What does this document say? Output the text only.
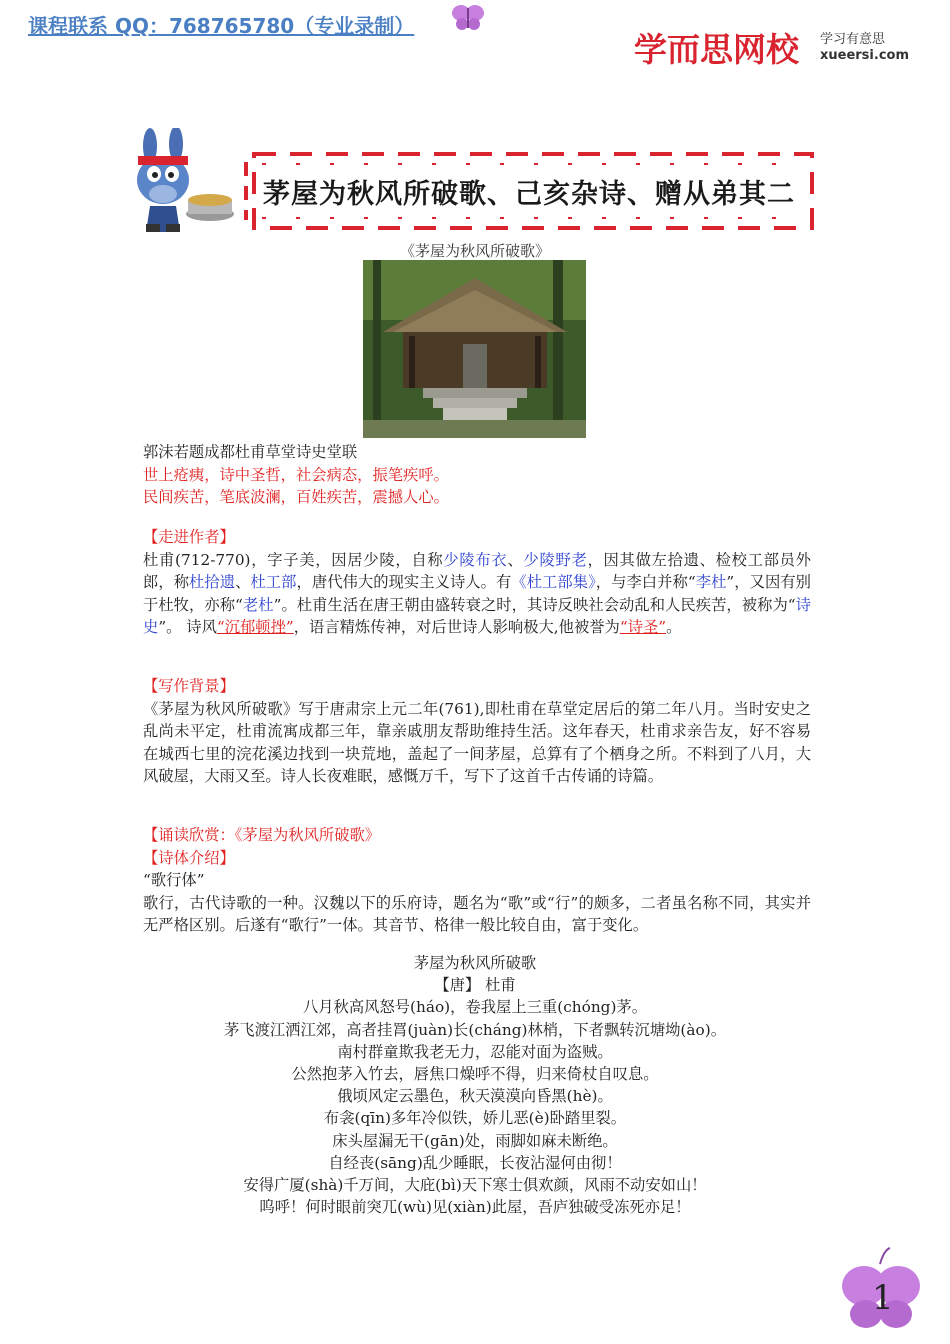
课程联系 QQ：768765780（专业录制）
学而思网校 学习有意思
xueersi.com
茅屋为秋风所破歌、己亥杂诗、赠从弟其二
《茅屋为秋风所破歌》

郭沫若题成都杜甫草堂诗史堂联

世上疮痍，诗中圣哲，社会病态，振笔疾呼。

民间疾苦，笔底波澜，百姓疾苦，震撼人心。

【走进作者】

杜甫(712-770)，字子美，因居少陵，自称少陵布衣、少陵野老，因其做左拾遗、检校工部员外郎，称杜拾遗、杜工部，唐代伟大的现实主义诗人。有《杜工部集》，与李白并称“李杜”，又因有别于杜牧，亦称“老杜”。杜甫生活在唐王朝由盛转衰之时，其诗反映社会动乱和人民疾苦，被称为“诗史”。 诗风“沉郁顿挫”，语言精炼传神，对后世诗人影响极大,他被誉为“诗圣”。

【写作背景】

《茅屋为秋风所破歌》写于唐肃宗上元二年(761),即杜甫在草堂定居后的第二年八月。当时安史之乱尚未平定，杜甫流寓成都三年，靠亲戚朋友帮助维持生活。这年春天，杜甫求亲告友，好不容易在城西七里的浣花溪边找到一块荒地，盖起了一间茅屋，总算有了个栖身之所。不料到了八月，大风破屋，大雨又至。诗人长夜难眠，感慨万千，写下了这首千古传诵的诗篇。

【诵读欣赏：《茅屋为秋风所破歌》

【诗体介绍】

“歌行体”

歌行，古代诗歌的一种。汉魏以下的乐府诗，题名为“歌”或“行”的颇多，二者虽名称不同，其实并无严格区别。后遂有“歌行”一体。其音节、格律一般比较自由，富于变化。

茅屋为秋风所破歌
【唐】 杜甫
八月秋高风怒号(háo)，卷我屋上三重(chóng)茅。
茅飞渡江洒江郊，高者挂罥(juàn)长(cháng)林梢，下者飘转沉塘坳(ào)。
南村群童欺我老无力，忍能对面为盗贼。
公然抱茅入竹去，唇焦口燥呼不得，归来倚杖自叹息。
俄顷风定云墨色，秋天漠漠向昏黑(hè)。
布衾(qīn)多年冷似铁，娇儿恶(è)卧踏里裂。
床头屋漏无干(gān)处，雨脚如麻未断绝。
自经丧(sāng)乱少睡眠，长夜沾湿何由彻！
安得广厦(shà)千万间，大庇(bì)天下寒士俱欢颜，风雨不动安如山！
呜呼！何时眼前突兀(wù)见(xiàn)此屋，吾庐独破受冻死亦足！
1
